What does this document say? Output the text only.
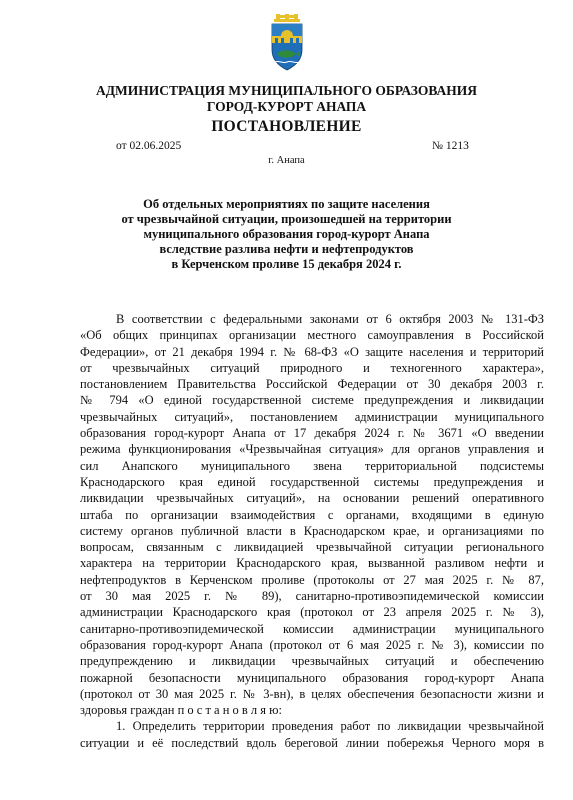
АДМИНИСТРАЦИЯ МУНИЦИПАЛЬНОГО ОБРАЗОВАНИЯ
ГОРОД-КУРОРТ АНАПА
ПОСТАНОВЛЕНИЕ
от 02.06.2025	№ 1213
г. Анапа
Об отдельных мероприятиях по защите населения
от чрезвычайной ситуации, произошедшей на территории
муниципального образования город-курорт Анапа
вследствие разлива нефти и нефтепродуктов
в Керченском проливе 15 декабря 2024 г.
В соответствии с федеральными законами от 6 октября 2003 № 131-ФЗ
«Об общих принципах организации местного самоуправления в Российской
Федерации», от 21 декабря 1994 г. № 68-ФЗ «О защите населения и территорий
от чрезвычайных ситуаций природного и техногенного характера»,
постановлением Правительства Российской Федерации от 30 декабря 2003 г.
№ 794 «О единой государственной системе предупреждения и ликвидации
чрезвычайных ситуаций», постановлением администрации муниципального
образования город-курорт Анапа от 17 декабря 2024 г. № 3671 «О введении
режима функционирования «Чрезвычайная ситуация» для органов управления и
сил Анапского муниципального звена территориальной подсистемы
Краснодарского края единой государственной системы предупреждения и
ликвидации чрезвычайных ситуаций», на основании решений оперативного
штаба по организации взаимодействия с органами, входящими в единую
систему органов публичной власти в Краснодарском крае, и организациями по
вопросам, связанным с ликвидацией чрезвычайной ситуации регионального
характера на территории Краснодарского края, вызванной разливом нефти и
нефтепродуктов в Керченском проливе (протоколы от 27 мая 2025 г. № 87,
от 30 мая 2025 г. № 89), санитарно-противоэпидемической комиссии
администрации Краснодарского края (протокол от 23 апреля 2025 г. № 3),
санитарно-противоэпидемической комиссии администрации муниципального
образования город-курорт Анапа (протокол от 6 мая 2025 г. № 3), комиссии по
предупреждению и ликвидации чрезвычайных ситуаций и обеспечению
пожарной безопасности муниципального образования город-курорт Анапа
(протокол от 30 мая 2025 г. № 3-вн), в целях обеспечения безопасности жизни и
здоровья граждан п о с т а н о в л я ю:
1. Определить территории проведения работ по ликвидации чрезвычайной
ситуации и её последствий вдоль береговой линии побережья Черного моря в
